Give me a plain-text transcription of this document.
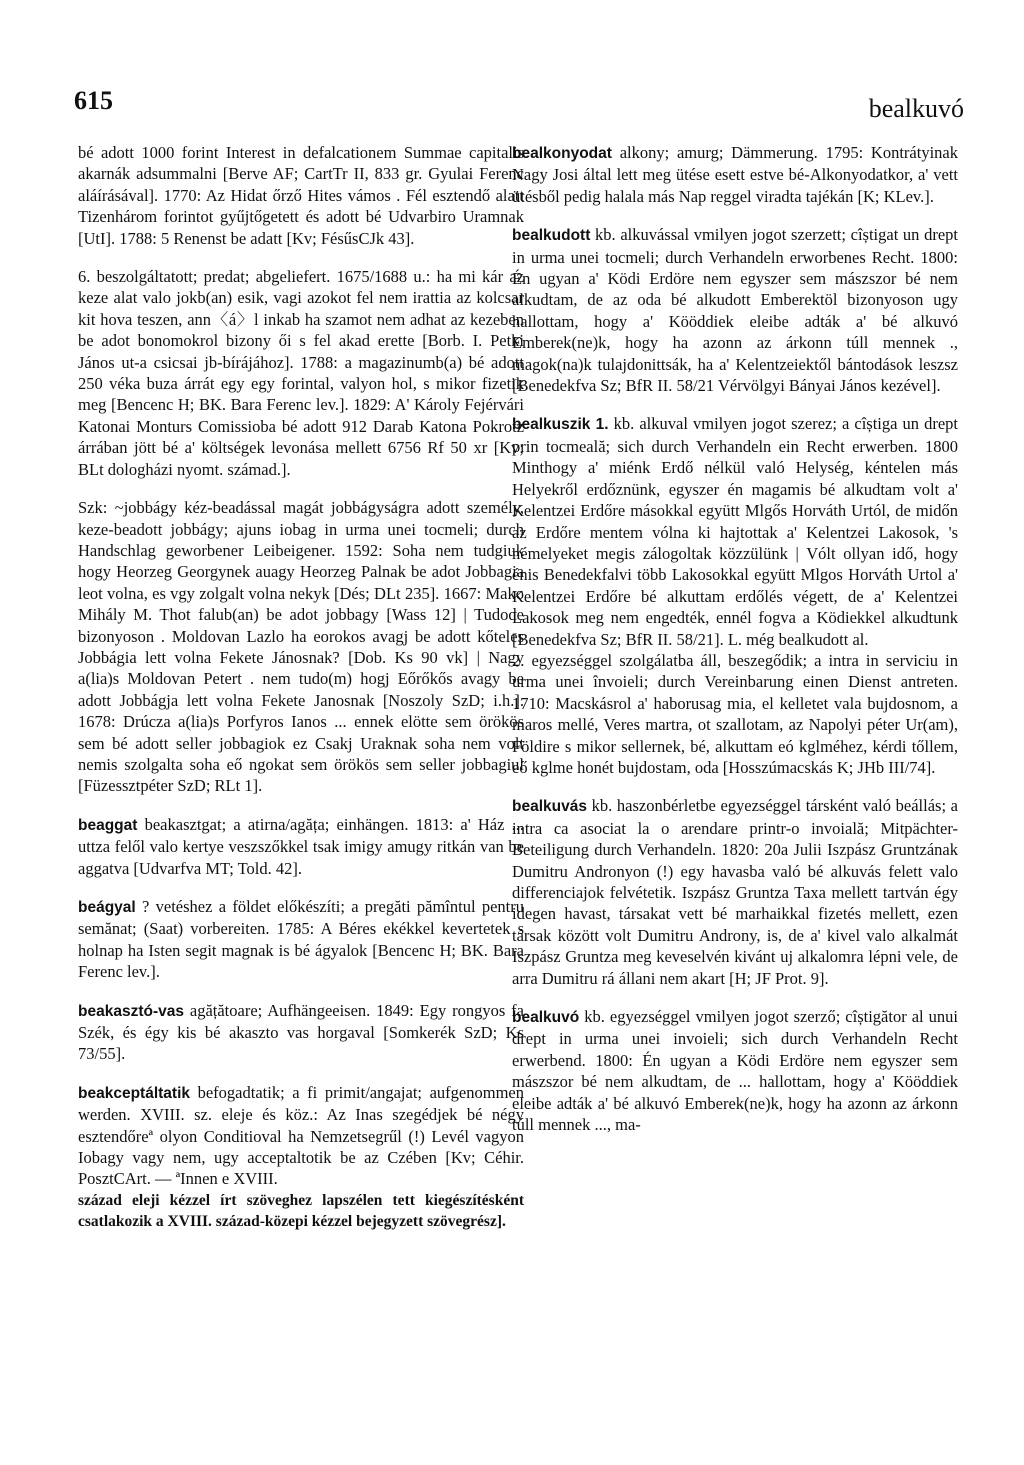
615	bealkuvó

bé adott 1000 forint Interest in defalcationem Summae capitalis akarnák adsummalni [Berve AF; CartTr II, 833 gr. Gyulai Ferenc aláírásával]. 1770: Az Hidat őrző Hites vámos . Fél esztendő alatt Tizenhárom forintot gyűjtőgetett és adott bé Udvarbiro Uramnak [UtI]. 1788: 5 Renenst be adatt [Kv; FésűsCJk 43].

6. beszolgáltatott; predat; abgeliefert. 1675/1688 u.: ha mi kár az keze alat valo jokb(an) esik, vagi azokot fel nem irattia az kolcsar kit hova teszen, ann〈á〉l inkab ha szamot nem adhat az kezeben be adot bonomokrol bizony ői s fel akad erette [Borb. I. Petki János ut-a csicsai jb-bírájához]. 1788: a magazinumb(a) bé adott 250 véka buza árrát egy egy forintal, valyon hol, s mikor fizetik meg [Bencenc H; BK. Bara Ferenc lev.]. 1829: A' Károly Fejérvári Katonai Monturs Comissioba bé adott 912 Darab Katona Pokrotz árrában jött bé a' költségek levonása mellett 6756 Rf 50 xr [Kv; BLt dologházi nyomt. számad.].

Szk: ~jobbágy kéz-beadással magát jobbágyságra adott személy, keze-beadott jobbágy; ajuns iobag in urma unei tocmeli; durch Handschlag geworbener Leibeigener. 1592: Soha nem tudgiuk hogy Heorzeg Georgynek auagy Heorzeg Palnak be adot Jobbagia leot volna, es vgy zolgalt volna nekyk [Dés; DLt 235]. 1667: Mako Mihály M. Thot falub(an) be adot jobbagy [Wass 12] | Tudode bizonyoson . Moldovan Lazlo ha eorokos avagj be adott kőteles Jobbágia lett volna Fekete Jánosnak? [Dob. Ks 90 vk] | Nagy a(lia)s Moldovan Petert . nem tudo(m) hogj Eőrőkős avagy be adott Jobbágja lett volna Fekete Janosnak [Noszoly SzD; i.h.]. 1678: Drúcza a(lia)s Porfyros Ianos ... ennek elötte sem örökös sem bé adott seller jobbagiok ez Csakj Uraknak soha nem volt nemis szolgalta soha eő ngokat sem örökös sem seller jobbagiul [Füzessztpéter SzD; RLt 1].

beaggat beakasztgat; a atirna/agăța; einhängen. 1813: a' Ház ... uttza felől valo kertye veszszőkkel tsak imigy amugy ritkán van be aggatva [Udvarfva MT; Told. 42].

beágyal ? vetéshez a földet előkészíti; a pregăti pămîntul pentru semănat; (Saat) vorbereiten. 1785: A Béres ekékkel kevertetek s holnap ha Isten segit magnak is bé ágyalok [Bencenc H; BK. Bara Ferenc lev.].

beakasztó-vas agățătoare; Aufhängeeisen. 1849: Egy rongyos fa Szék, és égy kis bé akaszto vas horgaval [Somkerék SzD; Ks 73/55].

beakceptáltatik befogadtatik; a fi primit/angajat; aufgenommen werden. XVIII. sz. eleje és köz.: Az Inas szegédjek bé négy esztendőreª olyon Conditioval ha Nemzetsegrűl (!) Levél vagyon Iobagy vagy nem, ugy acceptaltotik be az Czében [Kv; Céhir. PosztCArt. — ªInnen e XVIII.

század eleji kézzel írt szöveghez lapszélen tett kiegészítésként csatlakozik a XVIII. század-közepi kézzel bejegyzett szövegrész].

bealkonyodat alkony; amurg; Dämmerung. 1795: Kontrátyinak Nagy Josi által lett meg ütése esett estve bé-Alkonyodatkor, a' vett ütésből pedig halala más Nap reggel viradta tajékán [K; KLev.].

bealkudott kb. alkuvással vmilyen jogot szerzett; cîștigat un drept in urma unei tocmeli; durch Verhandeln erworbenes Recht. 1800: Én ugyan a' Ködi Erdöre nem egyszer sem mászszor bé nem alkudtam, de az oda bé alkudott Emberektöl bizonyoson ugy hallottam, hogy a' Kööddiek eleibe adták a' bé alkuvó Emberek(ne)k, hogy ha azonn az árkonn túll mennek ., magok(na)k tulajdonittsák, ha a' Kelentzeiektől bántodások leszsz [Benedekfva Sz; BfR II. 58/21 Vérvölgyi Bányai János kezével].

bealkuszik 1. kb. alkuval vmilyen jogot szerez; a cîștiga un drept prin tocmeală; sich durch Verhandeln ein Recht erwerben. 1800 Minthogy a' miénk Erdő nélkül való Helység, kéntelen más Helyekről erdőznünk, egyszer én magamis bé alkudtam volt a' Kelentzei Erdőre másokkal együtt Mlgős Horváth Urtól, de midőn az Erdőre mentem vólna ki hajtottak a' Kelentzei Lakosok, 's némelyeket megis zálogoltak közzülünk | Vólt ollyan idő, hogy énis Benedekfalvi több Lakosokkal együtt Mlgos Horváth Urtol a' Kelentzei Erdőre bé alkuttam erdőlés végett, de a' Kelentzei Lakosok meg nem engedték, ennél fogva a Ködiekkel alkudtunk [Benedekfva Sz; BfR II. 58/21]. L. még bealkudott al.

2. egyezséggel szolgálatba áll, beszegődik; a intra in serviciu in urma unei învoieli; durch Vereinbarung einen Dienst antreten. 1710: Macskásrol a' haborusag mia, el kelletet vala bujdosnom, a maros mellé, Veres martra, ot szallotam, az Napolyi péter Ur(am), Földire s mikor sellernek, bé, alkuttam eó kglméhez, kérdi tőllem, eő kglme honét bujdostam, oda [Hosszúmacskás K; JHb III/74].

bealkuvás kb. haszonbérletbe egyezséggel társként való beállás; a intra ca asociat la o arendare printr-o invoială; Mitpächter-Beteiligung durch Verhandeln. 1820: 20a Julii Iszpász Gruntzának Dumitru Andronyon (!) egy havasba való bé alkuvás felett valo differenciajok felvétetik. Iszpász Gruntza Taxa mellett tartván égy idegen havast, társakat vett bé marhaikkal fizetés mellett, ezen társak között volt Dumitru Androny, is, de a' kivel valo alkalmát Iszpász Gruntza meg keveselvén kivánt uj alkalomra lépni vele, de arra Dumitru rá állani nem akart [H; JF Prot. 9].

bealkuvó kb. egyezséggel vmilyen jogot szerző; cîștigător al unui drept in urma unei invoieli; sich durch Verhandeln Recht erwerbend. 1800: Én ugyan a Ködi Erdöre nem egyszer sem mászszor bé nem alkudtam, de ... hallottam, hogy a' Kööddiek eleibe adták a' bé alkuvó Emberek(ne)k, hogy ha azonn az árkonn túll mennek ..., ma-
